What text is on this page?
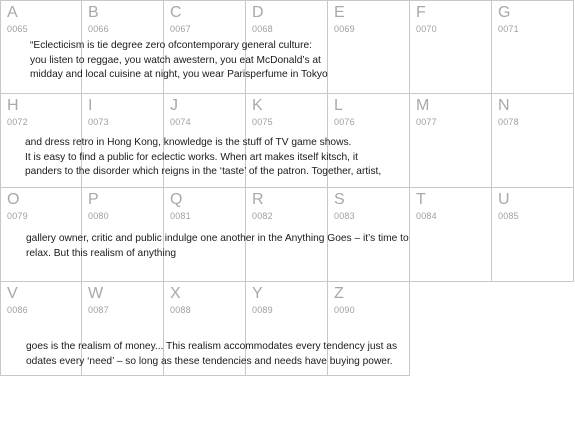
A
0065
B
0066
C
0067
D
0068
E
0069
F
0070
G
0071
H
0072
I
0073
J
0074
K
0075
L
0076
M
0077
N
0078
O
0079
P
0080
Q
0081
R
0082
S
0083
T
0084
U
0085
V
0086
W
0087
X
0088
Y
0089
Z
0090

“Eclecticism is tie degree zero ofcontemporary general culture:
you listen to reggae, you watch awestern, you eat McDonald’s at
midday and local cuisine at night, you wear Parisperfume in Tokyo

and dress retro in Hong Kong, knowledge is the stuff of TV game shows.
It is easy to find a public for eclectic works. When art makes itself kitsch, it
panders to the disorder which reigns in the ‘taste’ of the patron. Together, artist,

gallery owner, critic and public indulge one another in the Anything Goes – it’s time to
relax. But this realism of anything

goes is the realism of money... This realism accommodates every tendency just as
odates every ‘need’ – so long as these tendencies and needs have buying power.
